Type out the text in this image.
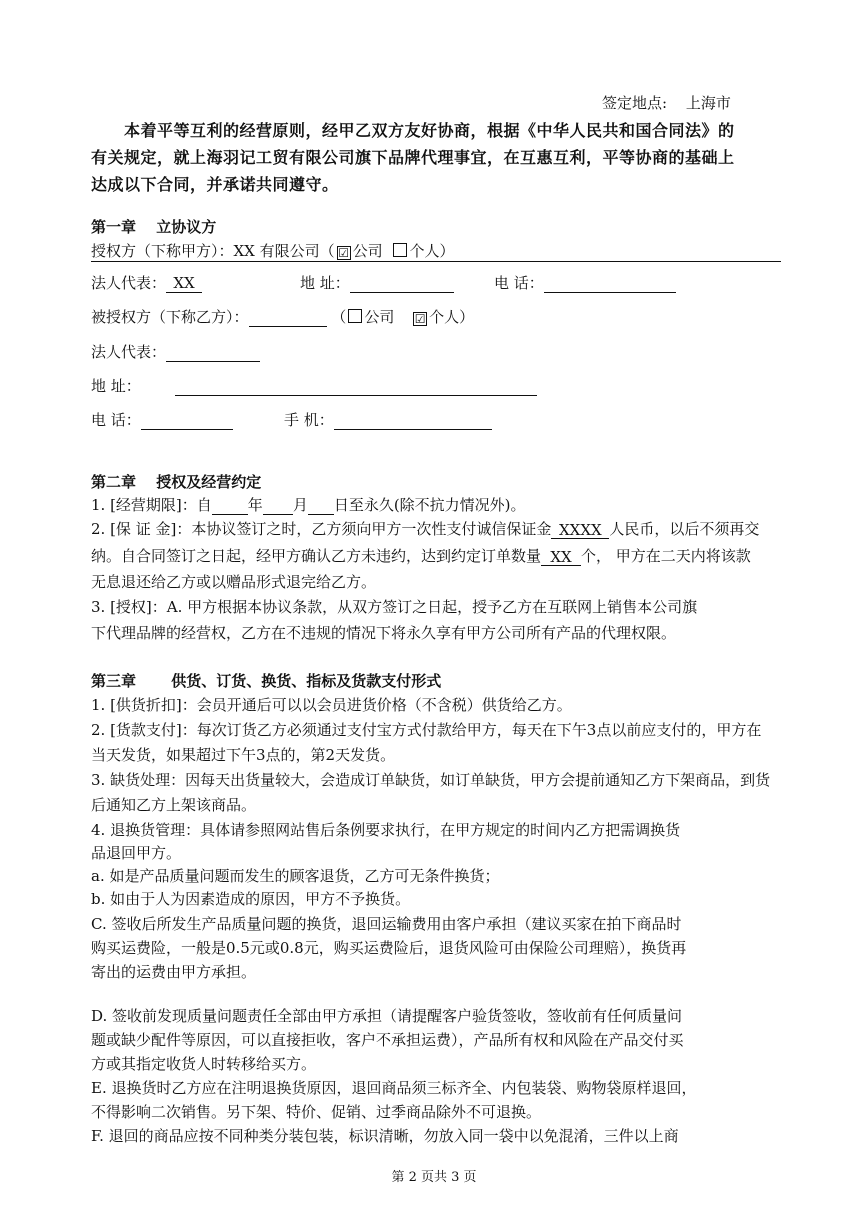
签定地点: 上海市
本着平等互利的经营原则，经甲乙双方友好协商，根据《中华人民共和国合同法》的
有关规定，就上海羽记工贸有限公司旗下品牌代理事宜，在互惠互利，平等协商的基础上
达成以下合同，并承诺共同遵守。
第一章　 立协议方
授权方（下称甲方）：XX 有限公司（ ☑ 公司 个人）
法人代表： XX	地 址：	电 话：
被授权方（下称乙方）：	（ 公司 ☑ 个人）
法人代表：
地 址：
电 话：	手 机：
第二章　 授权及经营约定
1. [经营期限]：自 年 月 日至永久(除不抗力情况外)。
2. [保 证 金]：本协议签订之时，乙方须向甲方一次性支付诚信保证金 XXXX 人民币，以后不须再交
纳。自合同签订之日起，经甲方确认乙方未违约，达到约定订单数量 XX 个， 甲方在二天内将该款
无息退还给乙方或以赠品形式退完给乙方。
3. [授权]：A. 甲方根据本协议条款，从双方签订之日起，授予乙方在互联网上销售本公司旗
下代理品牌的经营权，乙方在不违规的情况下将永久享有甲方公司所有产品的代理权限。
第三章　　 供货、订货、换货、指标及货款支付形式
1. [供货折扣]：会员开通后可以以会员进货价格（不含税）供货给乙方。
2. [货款支付]：每次订货乙方必须通过支付宝方式付款给甲方，每天在下午3点以前应支付的，甲方在
当天发货，如果超过下午3点的，第2天发货。
3. 缺货处理：因每天出货量较大，会造成订单缺货，如订单缺货，甲方会提前通知乙方下架商品，到货
后通知乙方上架该商品。
4. 退换货管理：具体请参照网站售后条例要求执行，在甲方规定的时间内乙方把需调换货
品退回甲方。
a. 如是产品质量问题而发生的顾客退货，乙方可无条件换货；
b. 如由于人为因素造成的原因，甲方不予换货。
C. 签收后所发生产品质量问题的换货，退回运输费用由客户承担（建议买家在拍下商品时
购买运费险，一般是0.5元或0.8元，购买运费险后，退货风险可由保险公司理赔），换货再
寄出的运费由甲方承担。
D. 签收前发现质量问题责任全部由甲方承担（请提醒客户验货签收，签收前有任何质量问
题或缺少配件等原因，可以直接拒收，客户不承担运费），产品所有权和风险在产品交付买
方或其指定收货人时转移给买方。
E. 退换货时乙方应在注明退换货原因，退回商品须三标齐全、内包装袋、购物袋原样退回，
不得影响二次销售。另下架、特价、促销、过季商品除外不可退换。
F. 退回的商品应按不同种类分装包装，标识清晰，勿放入同一袋中以免混淆，三件以上商
第 2 页共 3 页
